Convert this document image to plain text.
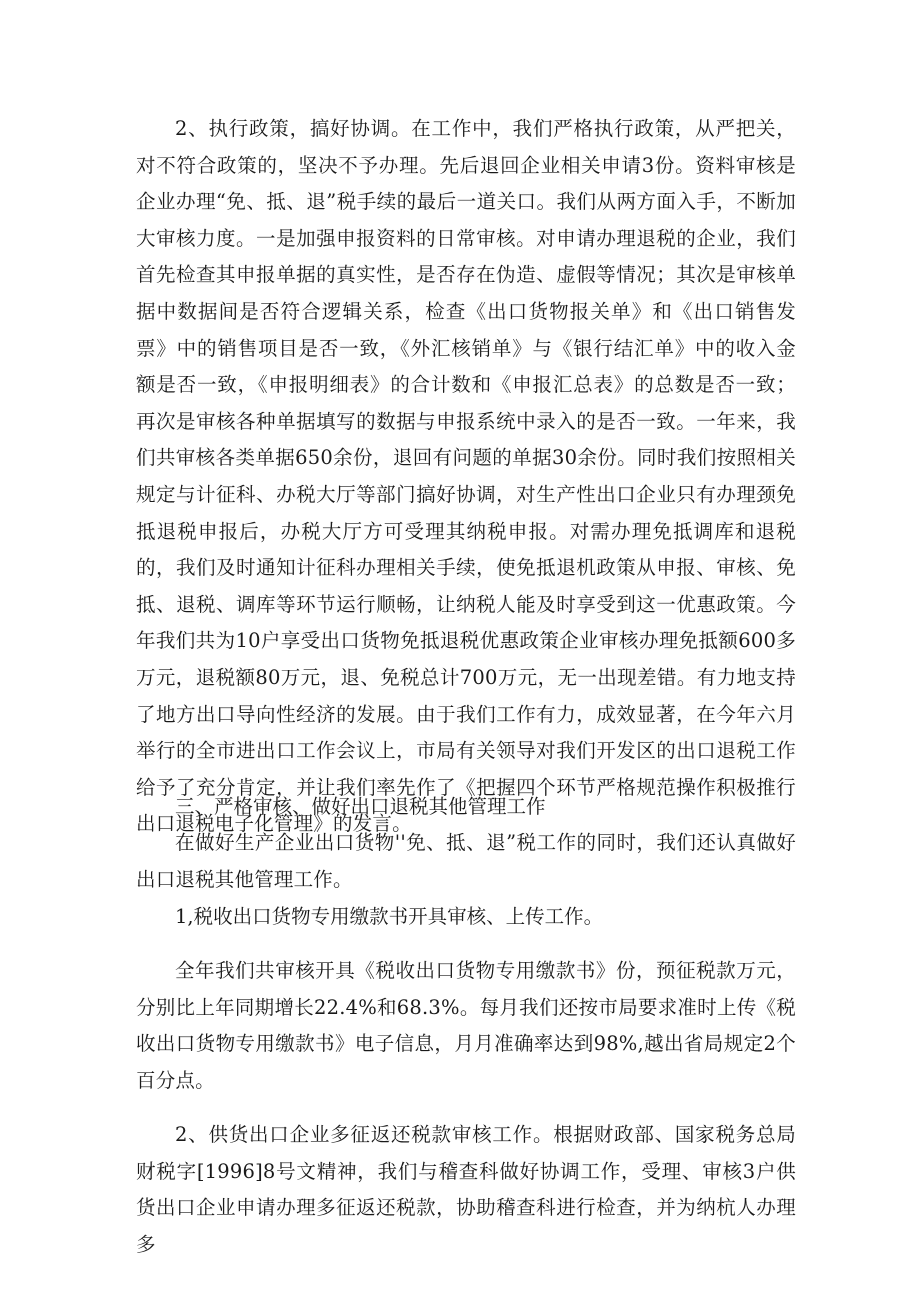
2、执行政策，搞好协调。在工作中，我们严格执行政策，从严把关，对不符合政策的，坚决不予办理。先后退回企业相关申请3份。资料审核是企业办理“免、抵、退”税手续的最后一道关口。我们从两方面入手，不断加大审核力度。一是加强申报资料的日常审核。对申请办理退税的企业，我们首先检查其申报单据的真实性，是否存在伪造、虚假等情况；其次是审核单据中数据间是否符合逻辑关系，检查《出口货物报关单》和《出口销售发票》中的销售项目是否一致，《外汇核销单》与《银行结汇单》中的收入金额是否一致，《申报明细表》的合计数和《申报汇总表》的总数是否一致；再次是审核各种单据填写的数据与申报系统中录入的是否一致。一年来，我们共审核各类单据650余份，退回有问题的单据30余份。同时我们按照相关规定与计征科、办税大厅等部门搞好协调，对生产性出口企业只有办理颈免抵退税申报后，办税大厅方可受理其纳税申报。对需办理免抵调库和退税的，我们及时通知计征科办理相关手续，使免抵退机政策从申报、审核、免抵、退税、调库等环节运行顺畅，让纳税人能及时享受到这一优惠政策。今年我们共为10户享受出口货物免抵退税优惠政策企业审核办理免抵额600多万元，退税额80万元，退、免税总计700万元，无一出现差错。有力地支持了地方出口导向性经济的发展。由于我们工作有力，成效显著，在今年六月举行的全市进出口工作会议上，市局有关领导对我们开发区的出口退税工作给予了充分肯定，并让我们率先作了《把握四个环节严格规范操作积极推行出口退税电子化管理》的发言。

三、严格审核、做好出口退税其他管理工作

在做好生产企业出口货物''免、抵、退”税工作的同时，我们还认真做好出口退税其他管理工作。

1,税收出口货物专用缴款书开具审核、上传工作。

全年我们共审核开具《税收出口货物专用缴款书》份，预征税款万元，分别比上年同期增长22.4%和68.3%。每月我们还按市局要求准时上传《税收出口货物专用缴款书》电子信息，月月准确率达到98%,越出省局规定2个百分点。

2、供货出口企业多征返还税款审核工作。根据财政部、国家税务总局财税字[1996]8号文精神，我们与稽查科做好协调工作，受理、审核3户供货出口企业申请办理多征返还税款，协助稽查科进行检查，并为纳杭人办理多
